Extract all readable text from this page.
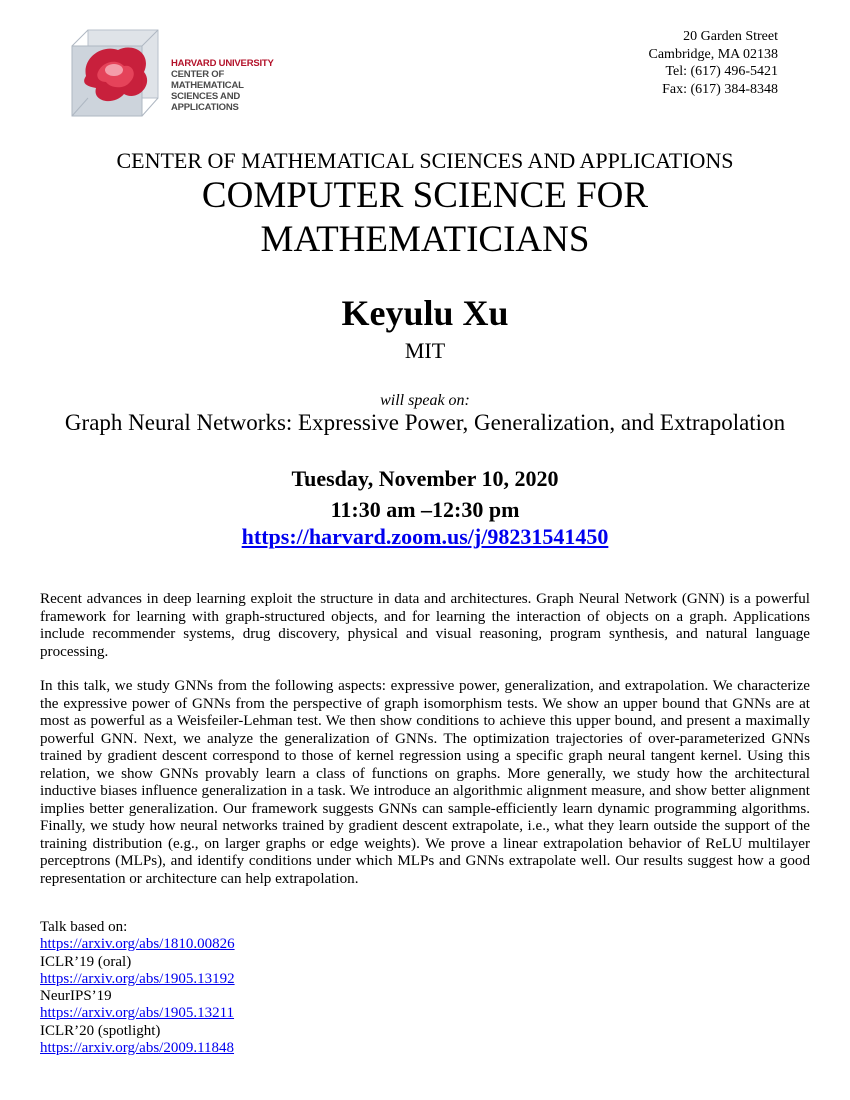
HARVARD UNIVERSITY
CENTER OF MATHEMATICAL
SCIENCES AND APPLICATIONS
20 Garden Street
Cambridge, MA 02138
Tel: (617) 496-5421
Fax: (617) 384-8348
CENTER OF MATHEMATICAL SCIENCES AND APPLICATIONS
COMPUTER SCIENCE FOR
MATHEMATICIANS
Keyulu Xu
MIT
will speak on:
Graph Neural Networks: Expressive Power, Generalization, and Extrapolation
Tuesday, November 10, 2020
11:30 am –12:30 pm
https://harvard.zoom.us/j/98231541450
Recent advances in deep learning exploit the structure in data and architectures. Graph Neural Network (GNN) is a powerful framework for learning with graph-structured objects, and for learning the interaction of objects on a graph. Applications include recommender systems, drug discovery, physical and visual reasoning, program synthesis, and natural language processing.
In this talk, we study GNNs from the following aspects: expressive power, generalization, and extrapolation. We characterize the expressive power of GNNs from the perspective of graph isomorphism tests. We show an upper bound that GNNs are at most as powerful as a Weisfeiler-Lehman test. We then show conditions to achieve this upper bound, and present a maximally powerful GNN. Next, we analyze the generalization of GNNs. The optimization trajectories of over-parameterized GNNs trained by gradient descent correspond to those of kernel regression using a specific graph neural tangent kernel. Using this relation, we show GNNs provably learn a class of functions on graphs. More generally, we study how the architectural inductive biases influence generalization in a task. We introduce an algorithmic alignment measure, and show better alignment implies better generalization. Our framework suggests GNNs can sample-efficiently learn dynamic programming algorithms. Finally, we study how neural networks trained by gradient descent extrapolate, i.e., what they learn outside the support of the training distribution (e.g., on larger graphs or edge weights). We prove a linear extrapolation behavior of ReLU multilayer perceptrons (MLPs), and identify conditions under which MLPs and GNNs extrapolate well. Our results suggest how a good representation or architecture can help extrapolation.
Talk based on:
https://arxiv.org/abs/1810.00826
ICLR’19 (oral)
https://arxiv.org/abs/1905.13192
NeurIPS’19
https://arxiv.org/abs/1905.13211
ICLR’20 (spotlight)
https://arxiv.org/abs/2009.11848
